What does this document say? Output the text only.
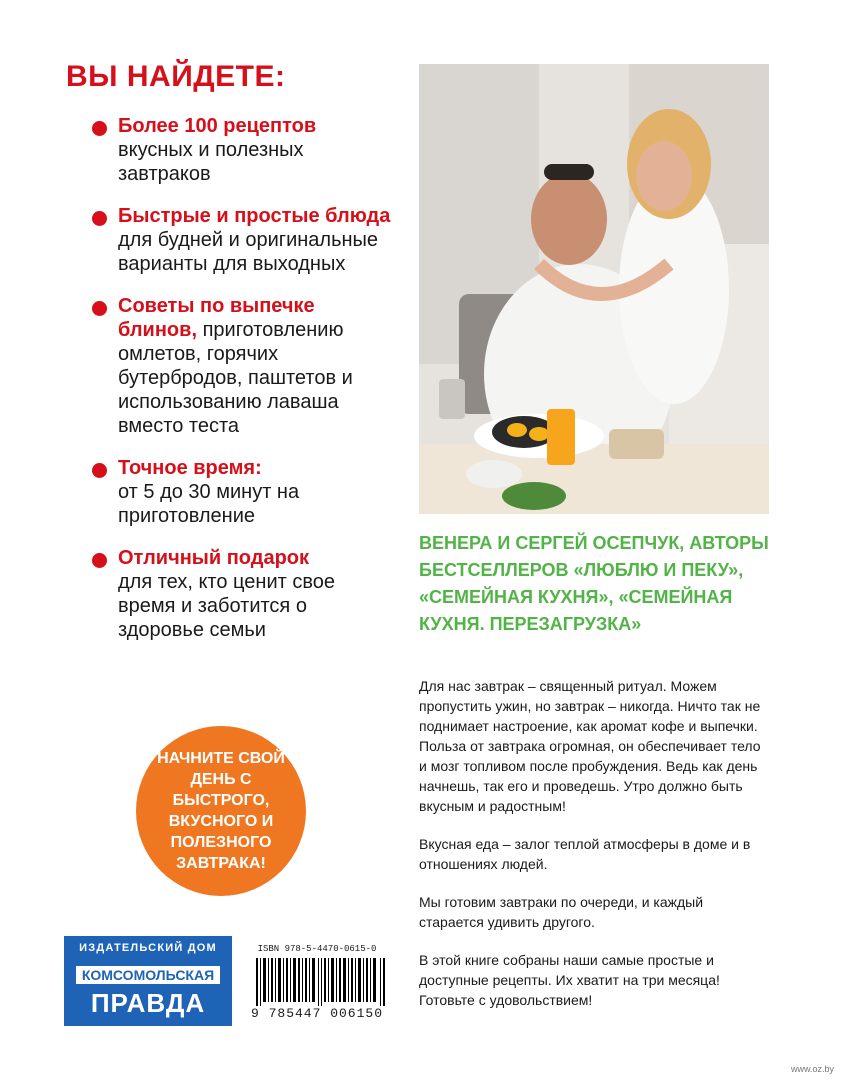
ВЫ НАЙДЕТЕ:
Более 100 рецептов
вкусных и полезных завтраков
Быстрые и простые блюда для будней и оригинальные варианты для выходных
Советы по выпечке блинов, приготовлению омлетов, горячих бутербродов, паштетов и использованию лаваша вместо теста
Точное время:
от 5 до 30 минут на приготовление
Отличный подарок
для тех, кто ценит свое время и заботится о здоровье семьи
НАЧНИТЕ СВОЙ ДЕНЬ С БЫСТРОГО, ВКУСНОГО И ПОЛЕЗНОГО ЗАВТРАКА!
ИЗДАТЕЛЬСКИЙ ДОМ
КОМСОМОЛЬСКАЯ
ПРАВДА
ISBN 978-5-4470-0615-0
9 785447 006150
ВЕНЕРА И СЕРГЕЙ ОСЕПЧУК, АВТОРЫ БЕСТСЕЛЛЕРОВ «ЛЮБЛЮ И ПЕКУ», «СЕМЕЙНАЯ КУХНЯ», «СЕМЕЙНАЯ КУХНЯ. ПЕРЕЗАГРУЗКА»

Для нас завтрак – священный ритуал. Можем пропустить ужин, но завтрак – никогда. Ничто так не поднимает настроение, как аромат кофе и выпечки. Польза от завтрака огромная, он обеспечивает тело и мозг топливом после пробуждения. Ведь как день начнешь, так его и проведешь. Утро должно быть вкусным и радостным!

Вкусная еда – залог теплой атмосферы в доме и в отношениях людей.

Мы готовим завтраки по очереди, и каждый старается удивить другого.

В этой книге собраны наши самые простые и доступные рецепты. Их хватит на три месяца! Готовьте с удовольствием!

www.oz.by
